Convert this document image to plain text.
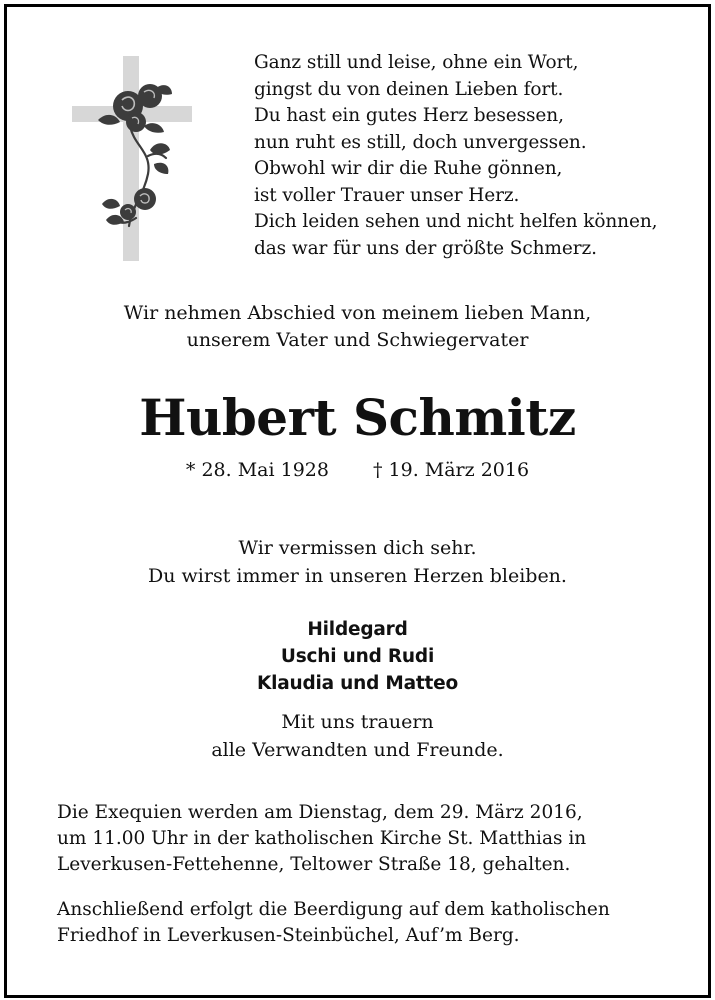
Ganz still und leise, ohne ein Wort,
gingst du von deinen Lieben fort.
Du hast ein gutes Herz besessen,
nun ruht es still, doch unvergessen.
Obwohl wir dir die Ruhe gönnen,
ist voller Trauer unser Herz.
Dich leiden sehen und nicht helfen können,
das war für uns der größte Schmerz.
Wir nehmen Abschied von meinem lieben Mann,
unserem Vater und Schwiegervater
Hubert Schmitz
* 28. Mai 1928 † 19. März 2016
Wir vermissen dich sehr.
Du wirst immer in unseren Herzen bleiben.
Hildegard
Uschi und Rudi
Klaudia und Matteo
Mit uns trauern
alle Verwandten und Freunde.
Die Exequien werden am Dienstag, dem 29. März 2016,
um 11.00 Uhr in der katholischen Kirche St. Matthias in
Leverkusen-Fettehenne, Teltower Straße 18, gehalten.
Anschließend erfolgt die Beerdigung auf dem katholischen
Friedhof in Leverkusen-Steinbüchel, Auf’m Berg.
